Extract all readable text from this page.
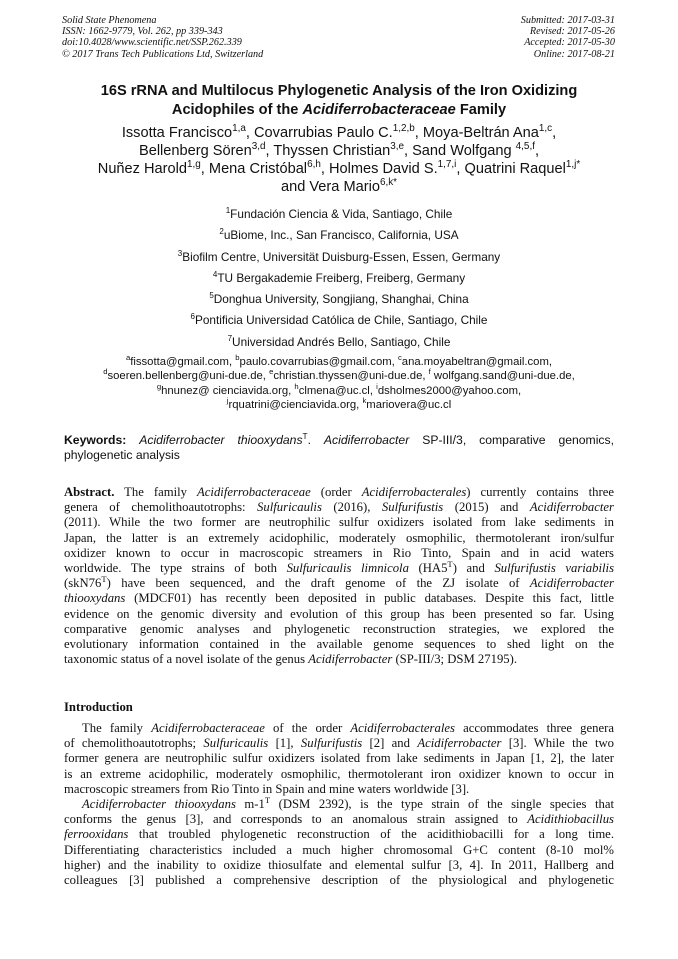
Solid State Phenomena
ISSN: 1662-9779, Vol. 262, pp 339-343
doi:10.4028/www.scientific.net/SSP.262.339
© 2017 Trans Tech Publications Ltd, Switzerland
Submitted: 2017-03-31
Revised: 2017-05-26
Accepted: 2017-05-30
Online: 2017-08-21
16S rRNA and Multilocus Phylogenetic Analysis of the Iron Oxidizing
Acidophiles of the Acidiferrobacteraceae Family
Issotta Francisco$^{1,a}$, Covarrubias Paulo C.$^{1,2,b}$, Moya-Beltrán Ana$^{1,c}$,
Bellenberg Sören$^{3,d}$, Thyssen Christian$^{3,e}$, Sand Wolfgang $^{4,5,f}$,
Nuñez Harold$^{1,g}$, Mena Cristóbal$^{6,h}$, Holmes David S.$^{1,7,i}$, Quatrini Raquel$^{1,j*}$
and Vera Mario$^{6,k*}$
$^1$Fundación Ciencia & Vida, Santiago, Chile
$^2$uBiome, Inc., San Francisco, California, USA
$^3$Biofilm Centre, Universität Duisburg-Essen, Essen, Germany
$^4$TU Bergakademie Freiberg, Freiberg, Germany
$^5$Donghua University, Songjiang, Shanghai, China
$^6$Pontificia Universidad Católica de Chile, Santiago, Chile
$^7$Universidad Andrés Bello, Santiago, Chile
$^a$fissotta@gmail.com, $^b$paulo.covarrubias@gmail.com, $^c$ana.moyabeltran@gmail.com,
$^d$soeren.bellenberg@uni-due.de, $^e$christian.thyssen@uni-due.de, $^f$ wolfgang.sand@uni-due.de,
$^g$hnunez@ cienciavida.org, $^h$clmena@uc.cl, $^i$dsholmes2000@yahoo.com,
$^j$rquatrini@cienciavida.org, $^k$mariovera@uc.cl
Keywords: Acidiferrobacter thiooxydans$^T$. Acidiferrobacter SP-III/3, comparative genomics, phylogenetic analysis
Abstract. The family Acidiferrobacteraceae (order Acidiferrobacterales) currently contains three
genera of chemolithoautotrophs: Sulfuricaulis (2016), Sulfurifustis (2015) and Acidiferrobacter
(2011). While the two former are neutrophilic sulfur oxidizers isolated from lake sediments in
Japan, the latter is an extremely acidophilic, moderately osmophilic, thermotolerant iron/sulfur
oxidizer known to occur in macroscopic streamers in Rio Tinto, Spain and in acid waters
worldwide. The type strains of both Sulfuricaulis limnicola $(HA5^T)$ and Sulfurifustis variabilis
$(skN76^T)$ have been sequenced, and the draft genome of the ZJ isolate of Acidiferrobacter
thiooxydans (MDCF01) has recently been deposited in public databases. Despite this fact, little
evidence on the genomic diversity and evolution of this group has been presented so far. Using
comparative genomic analyses and phylogenetic reconstruction strategies, we explored the
evolutionary information contained in the available genome sequences to shed light on the
taxonomic status of a novel isolate of the genus Acidiferrobacter (SP-III/3; DSM 27195).
Introduction
The family Acidiferrobacteraceae of the order Acidiferrobacterales accommodates three genera
of chemolithoautotrophs; Sulfuricaulis [1], Sulfurifustis [2] and Acidiferrobacter [3]. While the two
former genera are neutrophilic sulfur oxidizers isolated from lake sediments in Japan [1, 2], the later
is an extreme acidophilic, moderately osmophilic, thermotolerant iron oxidizer known to occur in
macroscopic streamers from Rio Tinto in Spain and mine waters worldwide [3].
Acidiferrobacter thiooxydans $m-1^T$ (DSM 2392), is the type strain of the single species that
conforms the genus [3], and corresponds to an anomalous strain assigned to Acidithiobacillus
ferrooxidans that troubled phylogenetic reconstruction of the acidithiobacilli for a long time.
Differentiating characteristics included a much higher chromosomal G+C content (8-10 mol%
higher) and the inability to oxidize thiosulfate and elemental sulfur [3, 4]. In 2011, Hallberg and
colleagues [3] published a comprehensive description of the physiological and phylogenetic
